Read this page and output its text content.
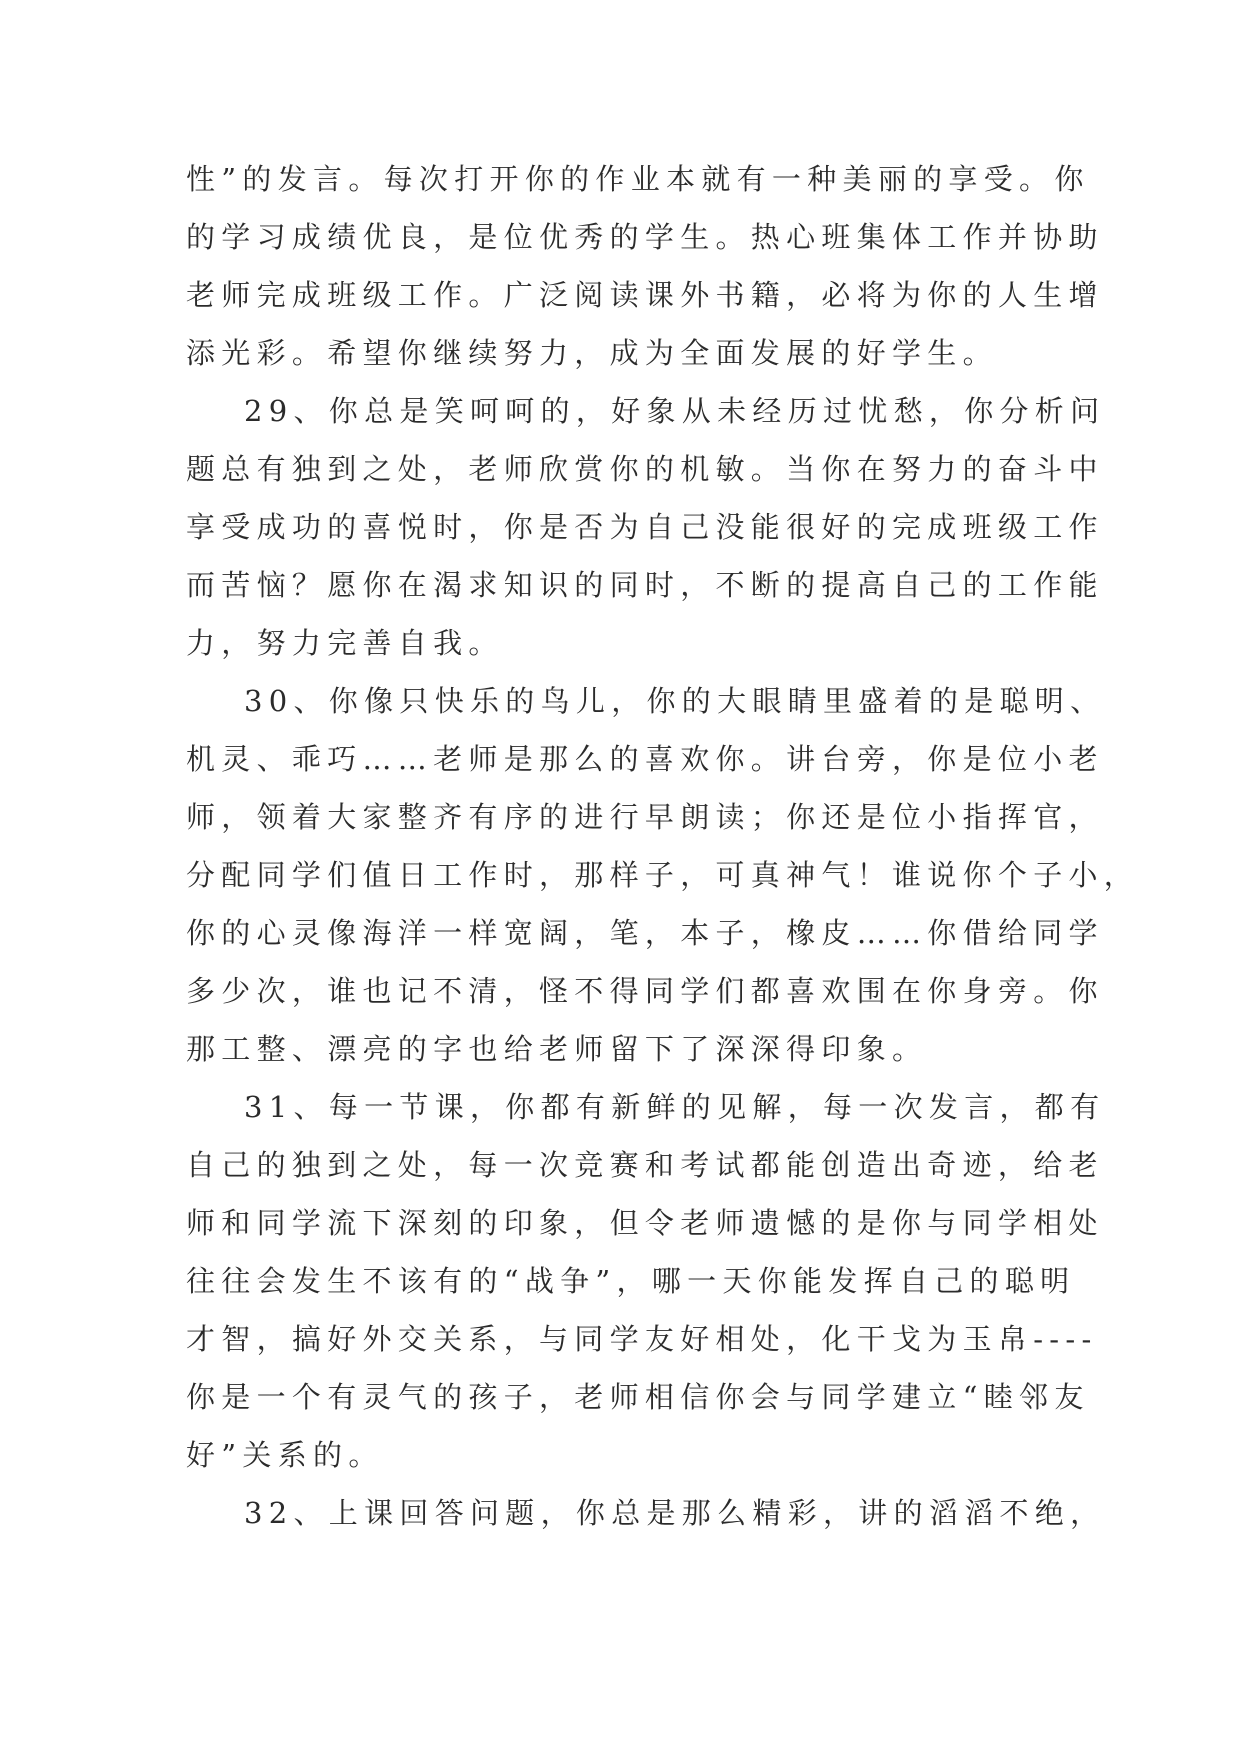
性”的发言。每次打开你的作业本就有一种美丽的享受。你
的学习成绩优良，是位优秀的学生。热心班集体工作并协助
老师完成班级工作。广泛阅读课外书籍，必将为你的人生增
添光彩。希望你继续努力，成为全面发展的好学生。
29、你总是笑呵呵的，好象从未经历过忧愁，你分析问
题总有独到之处，老师欣赏你的机敏。当你在努力的奋斗中
享受成功的喜悦时，你是否为自己没能很好的完成班级工作
而苦恼？愿你在渴求知识的同时，不断的提高自己的工作能
力，努力完善自我。
30、你像只快乐的鸟儿，你的大眼睛里盛着的是聪明、
机灵、乖巧……老师是那么的喜欢你。讲台旁，你是位小老
师，领着大家整齐有序的进行早朗读；你还是位小指挥官，
分配同学们值日工作时，那样子，可真神气！谁说你个子小，
你的心灵像海洋一样宽阔，笔，本子，橡皮……你借给同学
多少次，谁也记不清，怪不得同学们都喜欢围在你身旁。你
那工整、漂亮的字也给老师留下了深深得印象。
31、每一节课，你都有新鲜的见解，每一次发言，都有
自己的独到之处，每一次竞赛和考试都能创造出奇迹，给老
师和同学流下深刻的印象，但令老师遗憾的是你与同学相处
往往会发生不该有的“战争”，哪一天你能发挥自己的聪明
才智，搞好外交关系，与同学友好相处，化干戈为玉帛----
你是一个有灵气的孩子，老师相信你会与同学建立“睦邻友
好”关系的。
32、上课回答问题，你总是那么精彩，讲的滔滔不绝，
